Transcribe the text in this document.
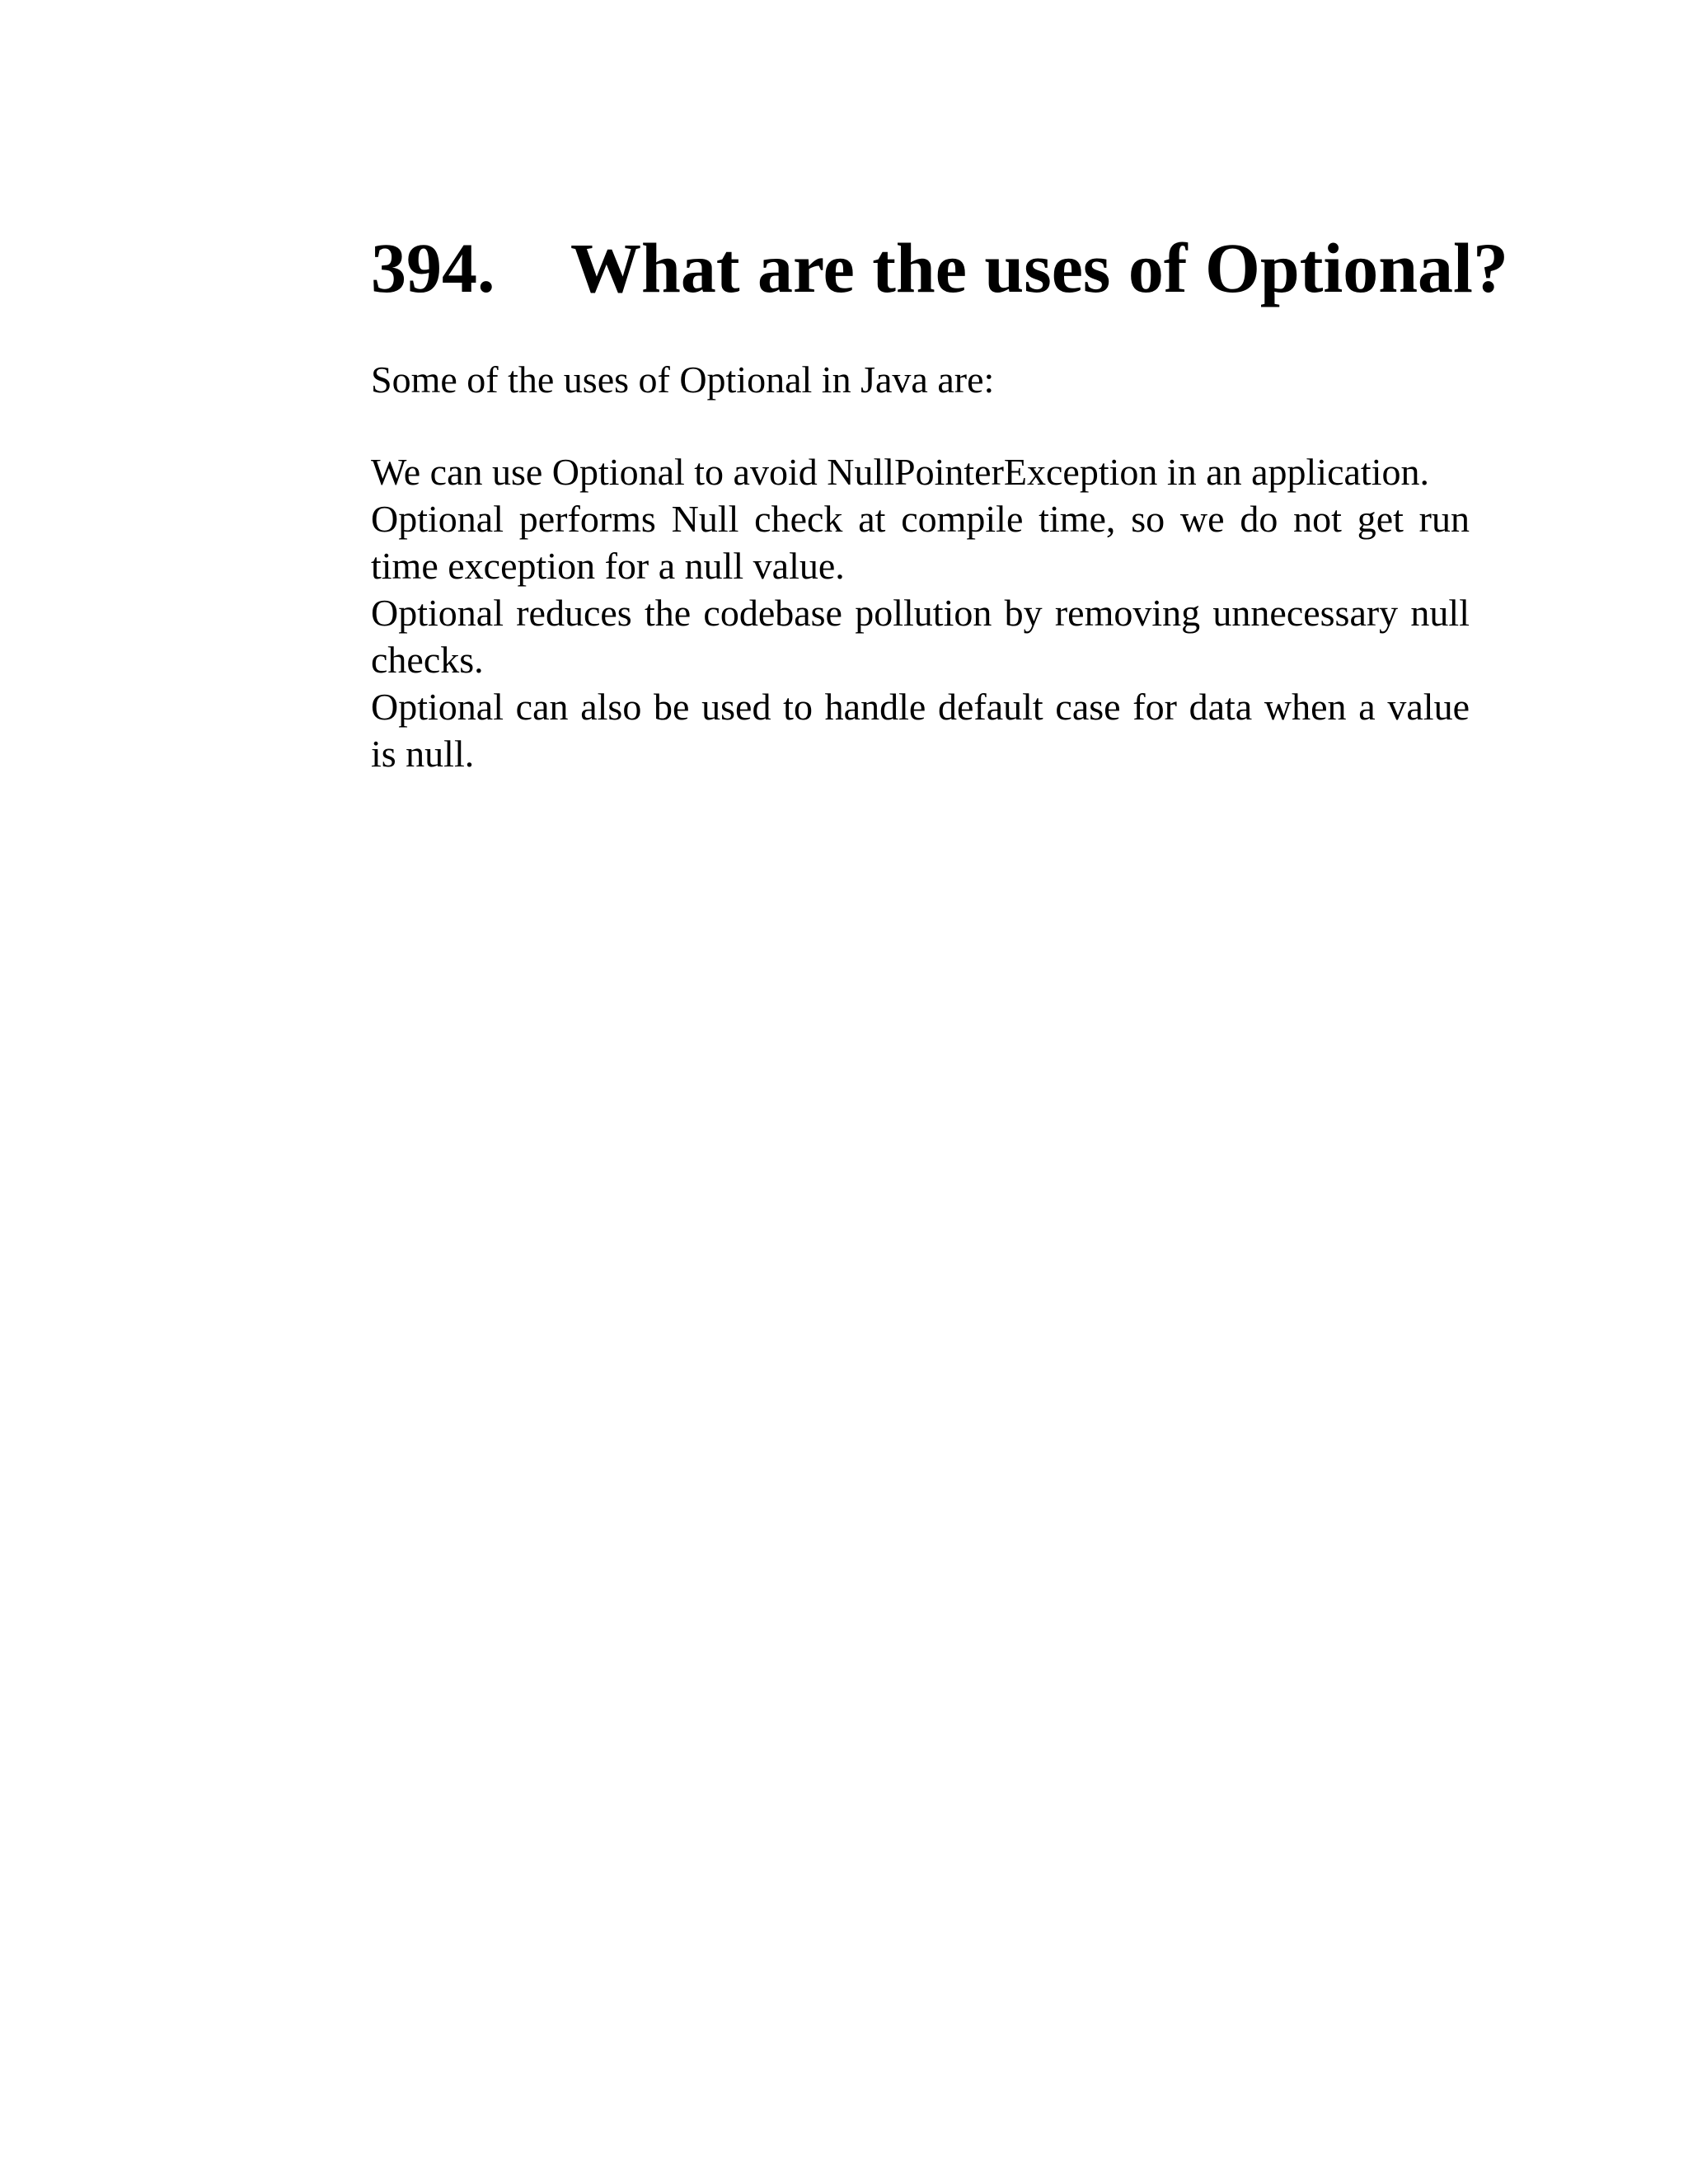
394. What are the uses of Optional?

Some of the uses of Optional in Java are:

We can use Optional to avoid NullPointerException in an application.
Optional performs Null check at compile time, so we do not get run time exception for a null value.
Optional reduces the codebase pollution by removing unnecessary null checks.
Optional can also be used to handle default case for data when a value is null.
